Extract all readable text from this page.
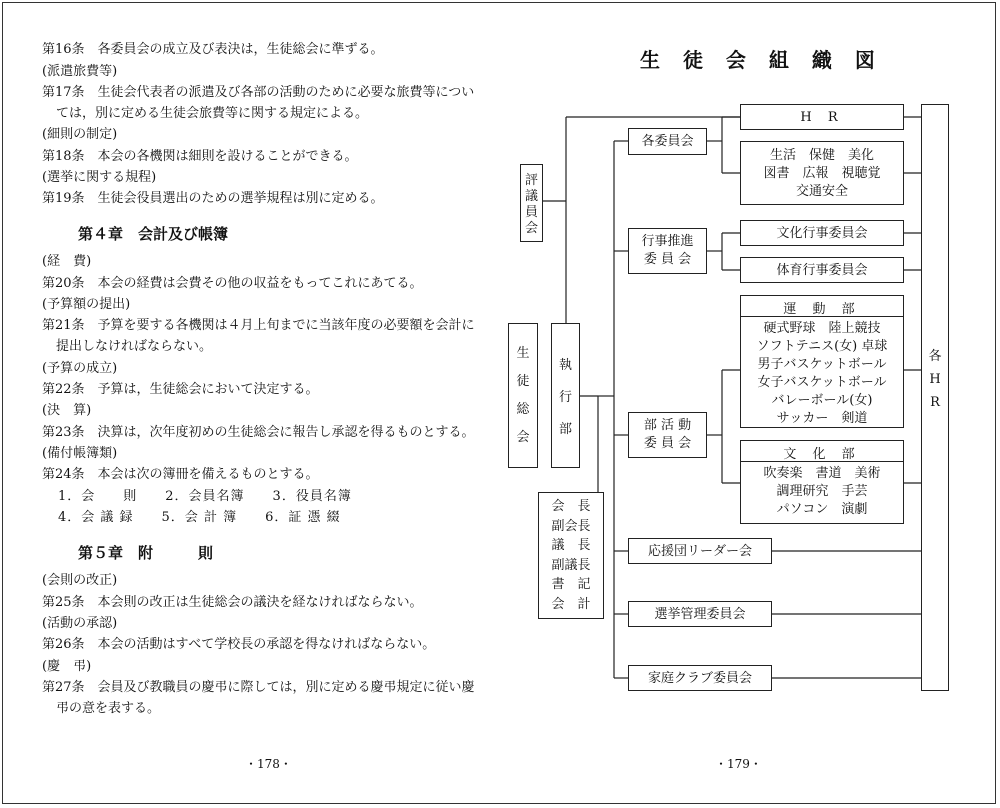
第16条　各委員会の成立及び表決は，生徒総会に準ずる。
(派遣旅費等)
第17条　生徒会代表者の派遣及び各部の活動のために必要な旅費等につい
ては，別に定める生徒会旅費等に関する規定による。
(細則の制定)
第18条　本会の各機関は細則を設けることができる。
(選挙に関する規程)
第19条　生徒会役員選出のための選挙規程は別に定める。
第４章　会計及び帳簿
(経　費)
第20条　本会の経費は会費その他の収益をもってこれにあてる。
(予算額の提出)
第21条　予算を要する各機関は４月上旬までに当該年度の必要額を会計に
提出しなければならない。
(予算の成立)
第22条　予算は，生徒総会において決定する。
(決　算)
第23条　決算は，次年度初めの生徒総会に報告し承認を得るものとする。
(備付帳簿類)
第24条　本会は次の簿冊を備えるものとする。
1．会　　則　　2．会員名簿　　3．役員名簿
4．会 議 録　　5．会 計 簿　　6．証 憑 綴
第５章　附　　　則
(会則の改正)
第25条　本会則の改正は生徒総会の議決を経なければならない。
(活動の承認)
第26条　本会の活動はすべて学校長の承認を得なければならない。
(慶　弔)
第27条　会員及び教職員の慶弔に際しては，別に定める慶弔規定に従い慶
弔の意を表する。
・178・
生 徒 会 組 織 図
評
議
員
会
生
徒
総
会
執
行
部
会　長
副会長
議　長
副議長
書　記
会　計
各委員会
H R
生活　保健　美化
図書　広報　視聴覚
交通安全
行事推進
委 員 会
文化行事委員会
体育行事委員会
部 活 動
委 員 会
運 動 部
硬式野球　陸上競技
ソフトテニス(女) 卓球
男子バスケットボール
女子バスケットボール
バレーボール(女)
サッカー　剣道
文 化 部
吹奏楽　書道　美術
調理研究　手芸
パソコン　演劇
応援団リーダー会
選挙管理委員会
家庭クラブ委員会
各
H
R
・179・
